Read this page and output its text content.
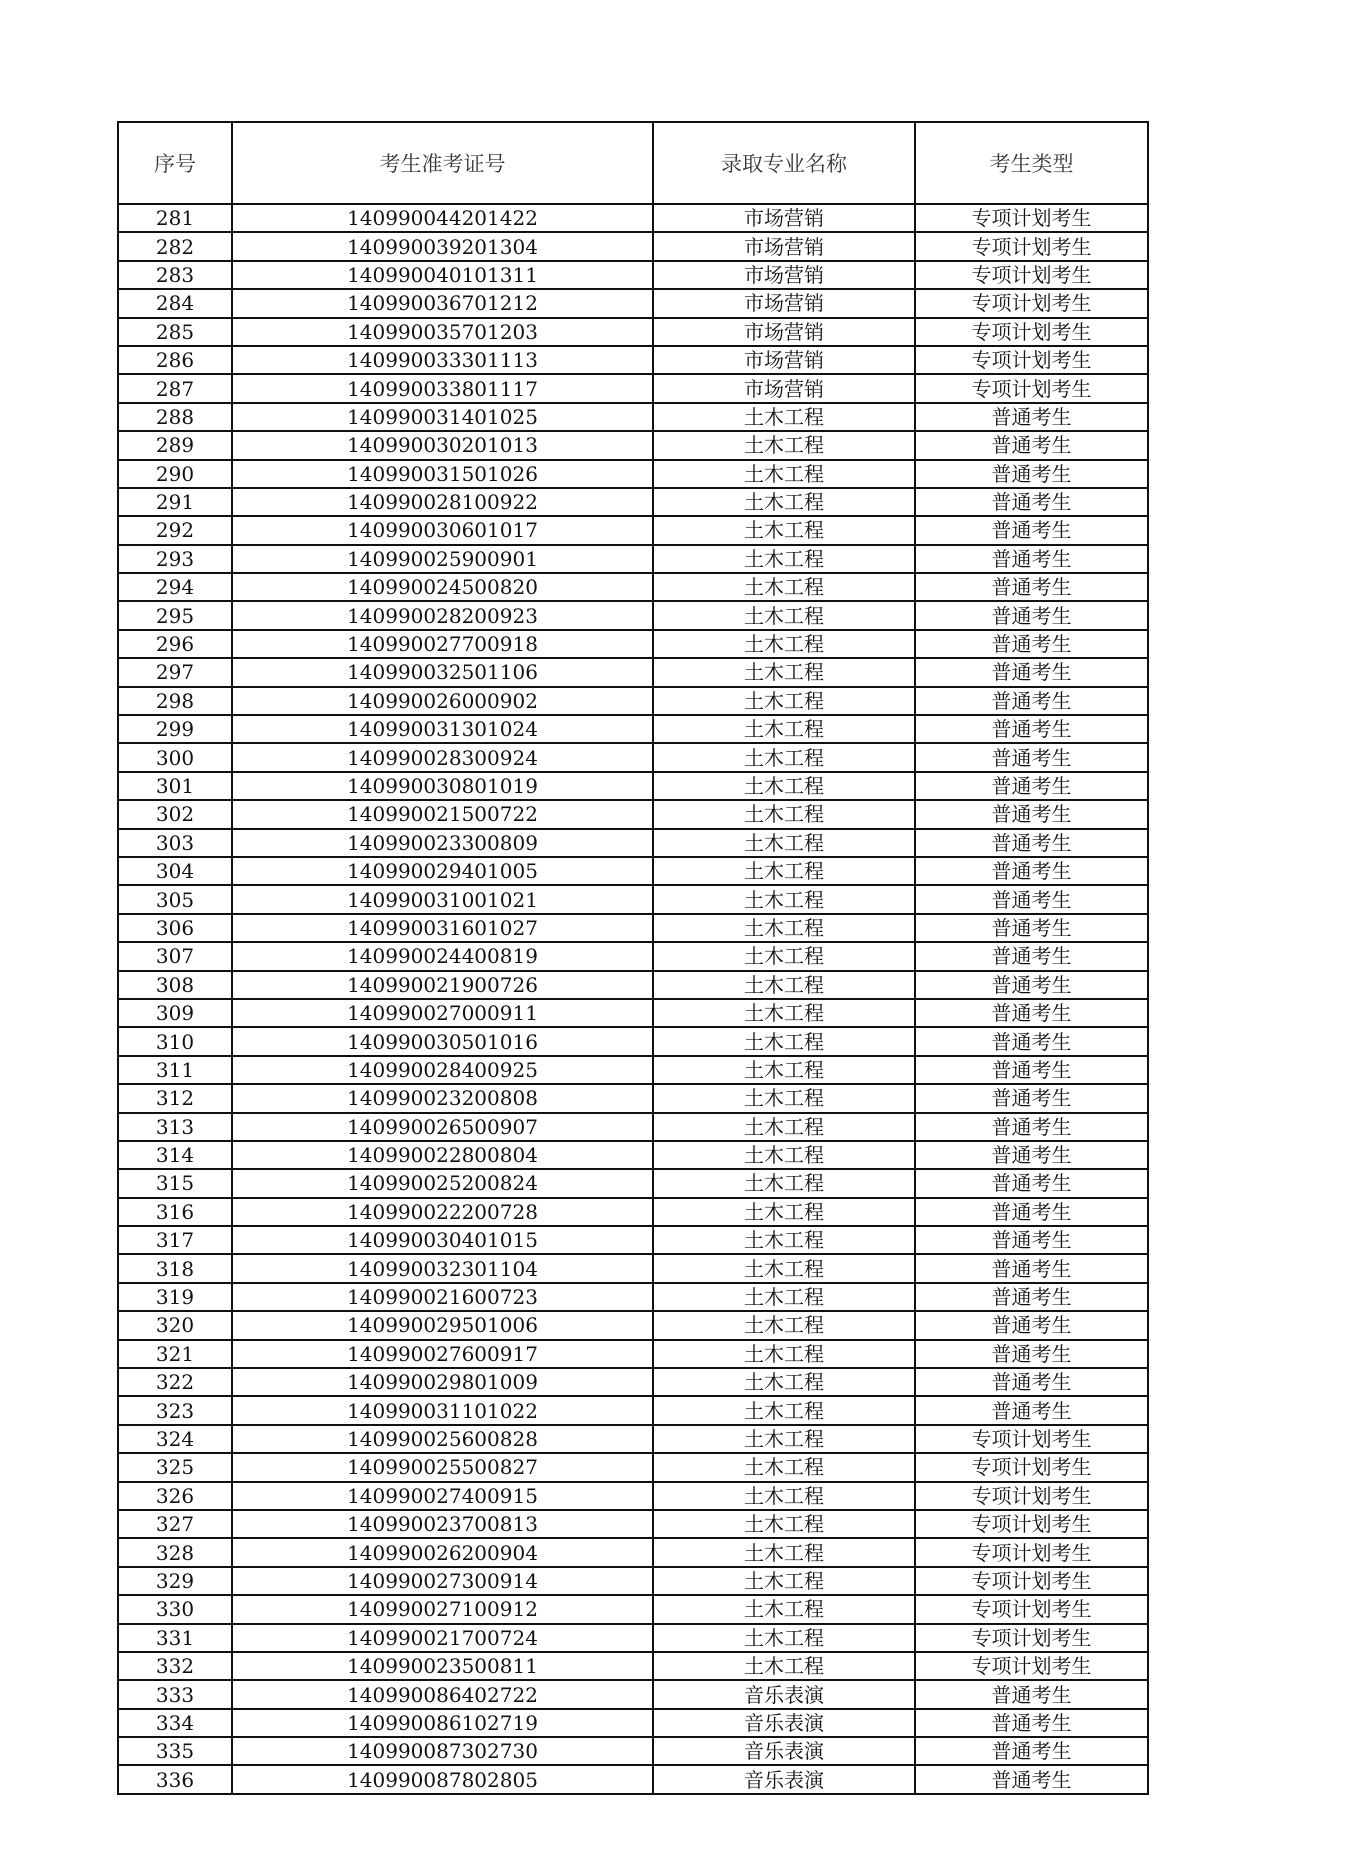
序号	考生准考证号	录取专业名称	考生类型
281	140990044201422	市场营销	专项计划考生
282	140990039201304	市场营销	专项计划考生
283	140990040101311	市场营销	专项计划考生
284	140990036701212	市场营销	专项计划考生
285	140990035701203	市场营销	专项计划考生
286	140990033301113	市场营销	专项计划考生
287	140990033801117	市场营销	专项计划考生
288	140990031401025	土木工程	普通考生
289	140990030201013	土木工程	普通考生
290	140990031501026	土木工程	普通考生
291	140990028100922	土木工程	普通考生
292	140990030601017	土木工程	普通考生
293	140990025900901	土木工程	普通考生
294	140990024500820	土木工程	普通考生
295	140990028200923	土木工程	普通考生
296	140990027700918	土木工程	普通考生
297	140990032501106	土木工程	普通考生
298	140990026000902	土木工程	普通考生
299	140990031301024	土木工程	普通考生
300	140990028300924	土木工程	普通考生
301	140990030801019	土木工程	普通考生
302	140990021500722	土木工程	普通考生
303	140990023300809	土木工程	普通考生
304	140990029401005	土木工程	普通考生
305	140990031001021	土木工程	普通考生
306	140990031601027	土木工程	普通考生
307	140990024400819	土木工程	普通考生
308	140990021900726	土木工程	普通考生
309	140990027000911	土木工程	普通考生
310	140990030501016	土木工程	普通考生
311	140990028400925	土木工程	普通考生
312	140990023200808	土木工程	普通考生
313	140990026500907	土木工程	普通考生
314	140990022800804	土木工程	普通考生
315	140990025200824	土木工程	普通考生
316	140990022200728	土木工程	普通考生
317	140990030401015	土木工程	普通考生
318	140990032301104	土木工程	普通考生
319	140990021600723	土木工程	普通考生
320	140990029501006	土木工程	普通考生
321	140990027600917	土木工程	普通考生
322	140990029801009	土木工程	普通考生
323	140990031101022	土木工程	普通考生
324	140990025600828	土木工程	专项计划考生
325	140990025500827	土木工程	专项计划考生
326	140990027400915	土木工程	专项计划考生
327	140990023700813	土木工程	专项计划考生
328	140990026200904	土木工程	专项计划考生
329	140990027300914	土木工程	专项计划考生
330	140990027100912	土木工程	专项计划考生
331	140990021700724	土木工程	专项计划考生
332	140990023500811	土木工程	专项计划考生
333	140990086402722	音乐表演	普通考生
334	140990086102719	音乐表演	普通考生
335	140990087302730	音乐表演	普通考生
336	140990087802805	音乐表演	普通考生
